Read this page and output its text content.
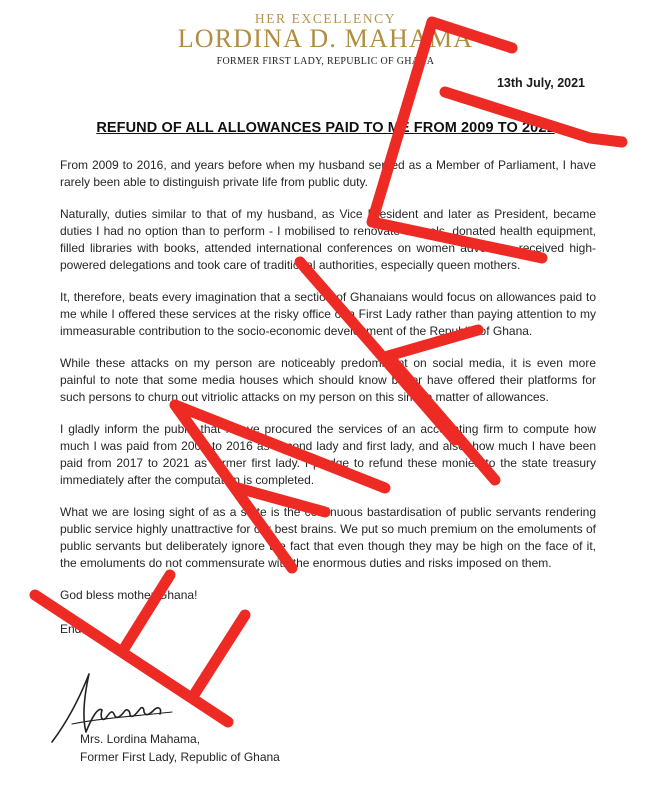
HER EXCELLENCY
LORDINA D. MAHAMA
FORMER FIRST LADY, REPUBLIC OF GHANA
13th July, 2021
REFUND OF ALL ALLOWANCES PAID TO ME FROM 2009 TO 2021

From 2009 to 2016, and years before when my husband served as a Member of Parliament, I have rarely been able to distinguish private life from public duty.

Naturally, duties similar to that of my husband, as Vice President and later as President, became duties I had no option than to perform - I mobilised to renovate schools, donated health equipment, filled libraries with books, attended international conferences on women advocacy, received high-powered delegations and took care of traditional authorities, especially queen mothers.

It, therefore, beats every imagination that a section of Ghanaians would focus on allowances paid to me while I offered these services at the risky office of a First Lady rather than paying attention to my immeasurable contribution to the socio-economic development of the Republic of Ghana.

While these attacks on my person are noticeably predominant on social media, it is even more painful to note that some media houses which should know better have offered their platforms for such persons to churn out vitriolic attacks on my person on this simple matter of allowances.

I gladly inform the public that I have procured the services of an accounting firm to compute how much I was paid from 2009 to 2016 as second lady and first lady, and also, how much I have been paid from 2017 to 2021 as former first lady. I pledge to refund these monies to the state treasury immediately after the computation is completed.

What we are losing sight of as a state is the continuous bastardisation of public servants rendering public service highly unattractive for our best brains. We put so much premium on the emoluments of public servants but deliberately ignore the fact that even though they may be high on the face of it, the emoluments do not commensurate with the enormous duties and risks imposed on them.

God bless mother Ghana!

End

Mrs. Lordina Mahama,
Former First Lady, Republic of Ghana
